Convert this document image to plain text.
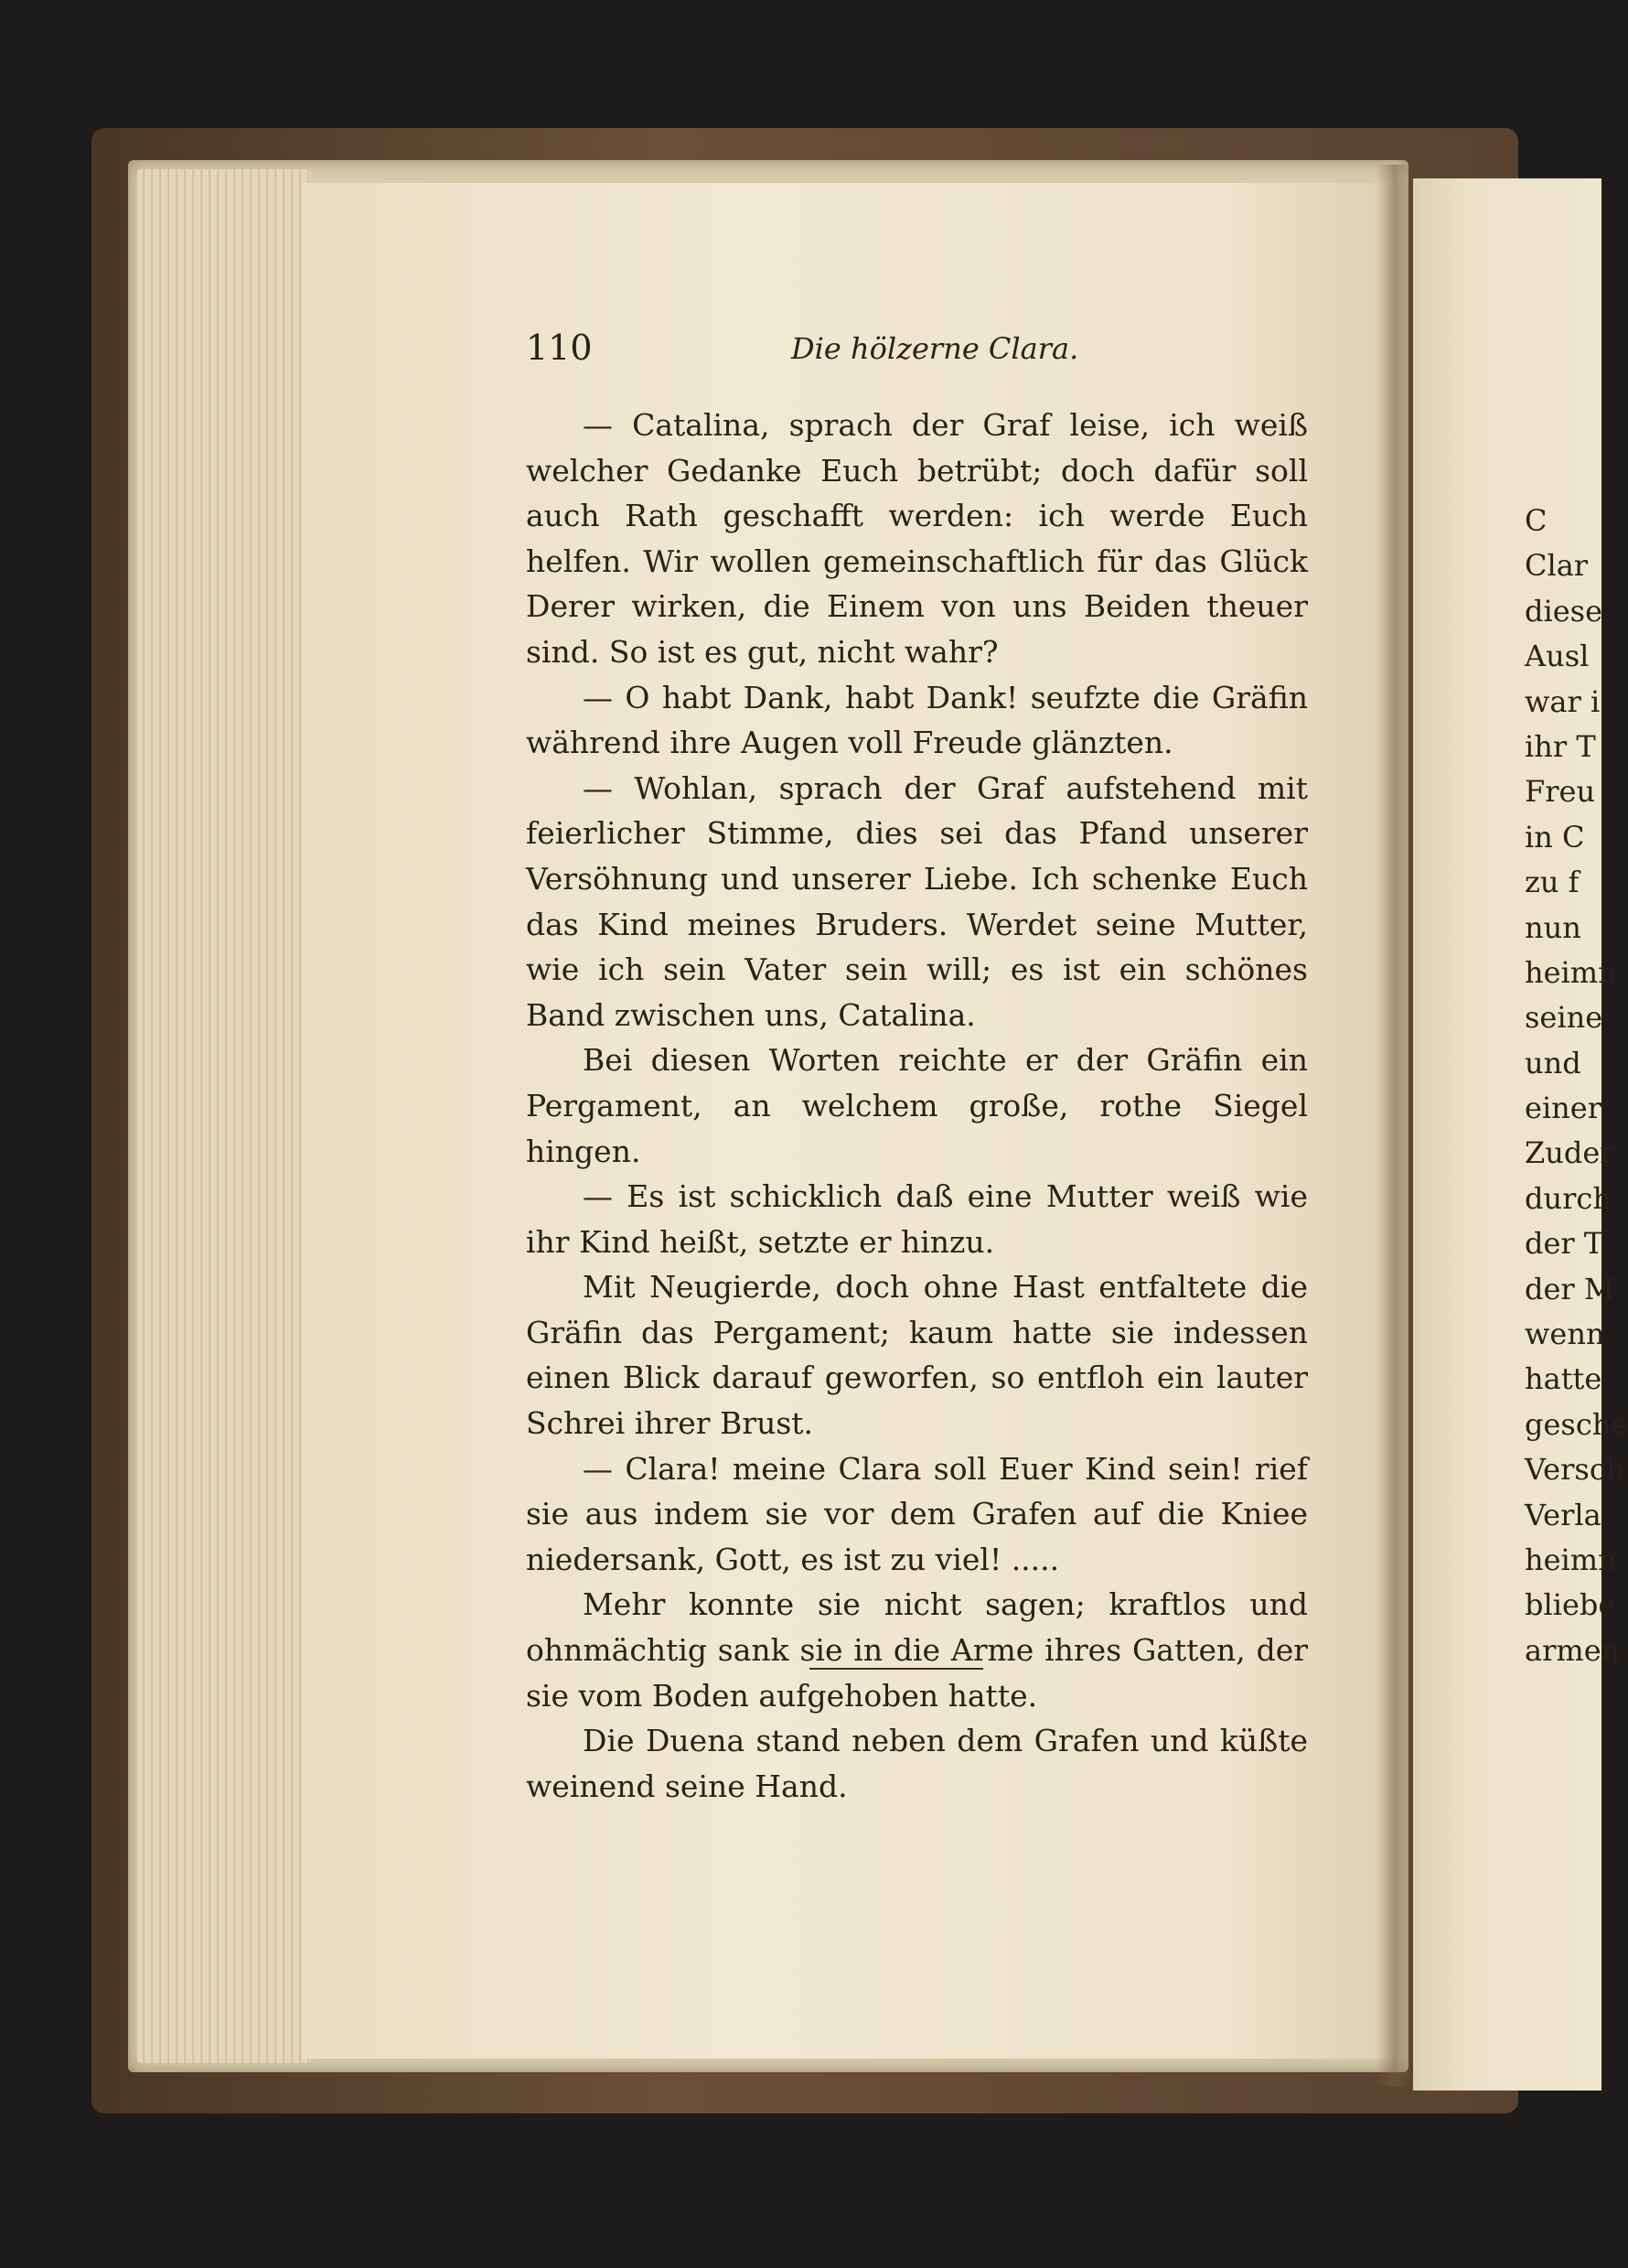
110	Die hölzerne Clara.

— Catalina, sprach der Graf leise, ich weiß welcher Gedanke Euch betrübt; doch dafür soll auch Rath geschafft werden: ich werde Euch helfen. Wir wollen gemeinschaftlich für das Glück Derer wirken, die Einem von uns Beiden theuer sind. So ist es gut, nicht wahr?

— O habt Dank, habt Dank! seufzte die Gräfin während ihre Augen voll Freude glänzten.

— Wohlan, sprach der Graf aufstehend mit feierlicher Stimme, dies sei das Pfand unserer Versöhnung und unserer Liebe. Ich schenke Euch das Kind meines Bruders. Werdet seine Mutter, wie ich sein Vater sein will; es ist ein schönes Band zwischen uns, Catalina.

Bei diesen Worten reichte er der Gräfin ein Pergament, an welchem große, rothe Siegel hingen.

— Es ist schicklich daß eine Mutter weiß wie ihr Kind heißt, setzte er hinzu.

Mit Neugierde, doch ohne Hast entfaltete die Gräfin das Pergament; kaum hatte sie indessen einen Blick darauf geworfen, so entfloh ein lauter Schrei ihrer Brust.

— Clara! meine Clara soll Euer Kind sein! rief sie aus indem sie vor dem Grafen auf die Kniee niedersank, Gott, es ist zu viel! .....

Mehr konnte sie nicht sagen; kraftlos und ohnmächtig sank sie in die Arme ihres Gatten, der sie vom Boden aufgehoben hatte.

Die Duena stand neben dem Grafen und küßte weinend seine Hand.

C
Clar
diese
Ausl
war i
ihr T
Freu
in C
zu f
nun
heimn
seine
und
einer
Zuder
durch
der T
der M
wenn
hatte
gesche
Versch
Verla
heimn
bliebe
armen
